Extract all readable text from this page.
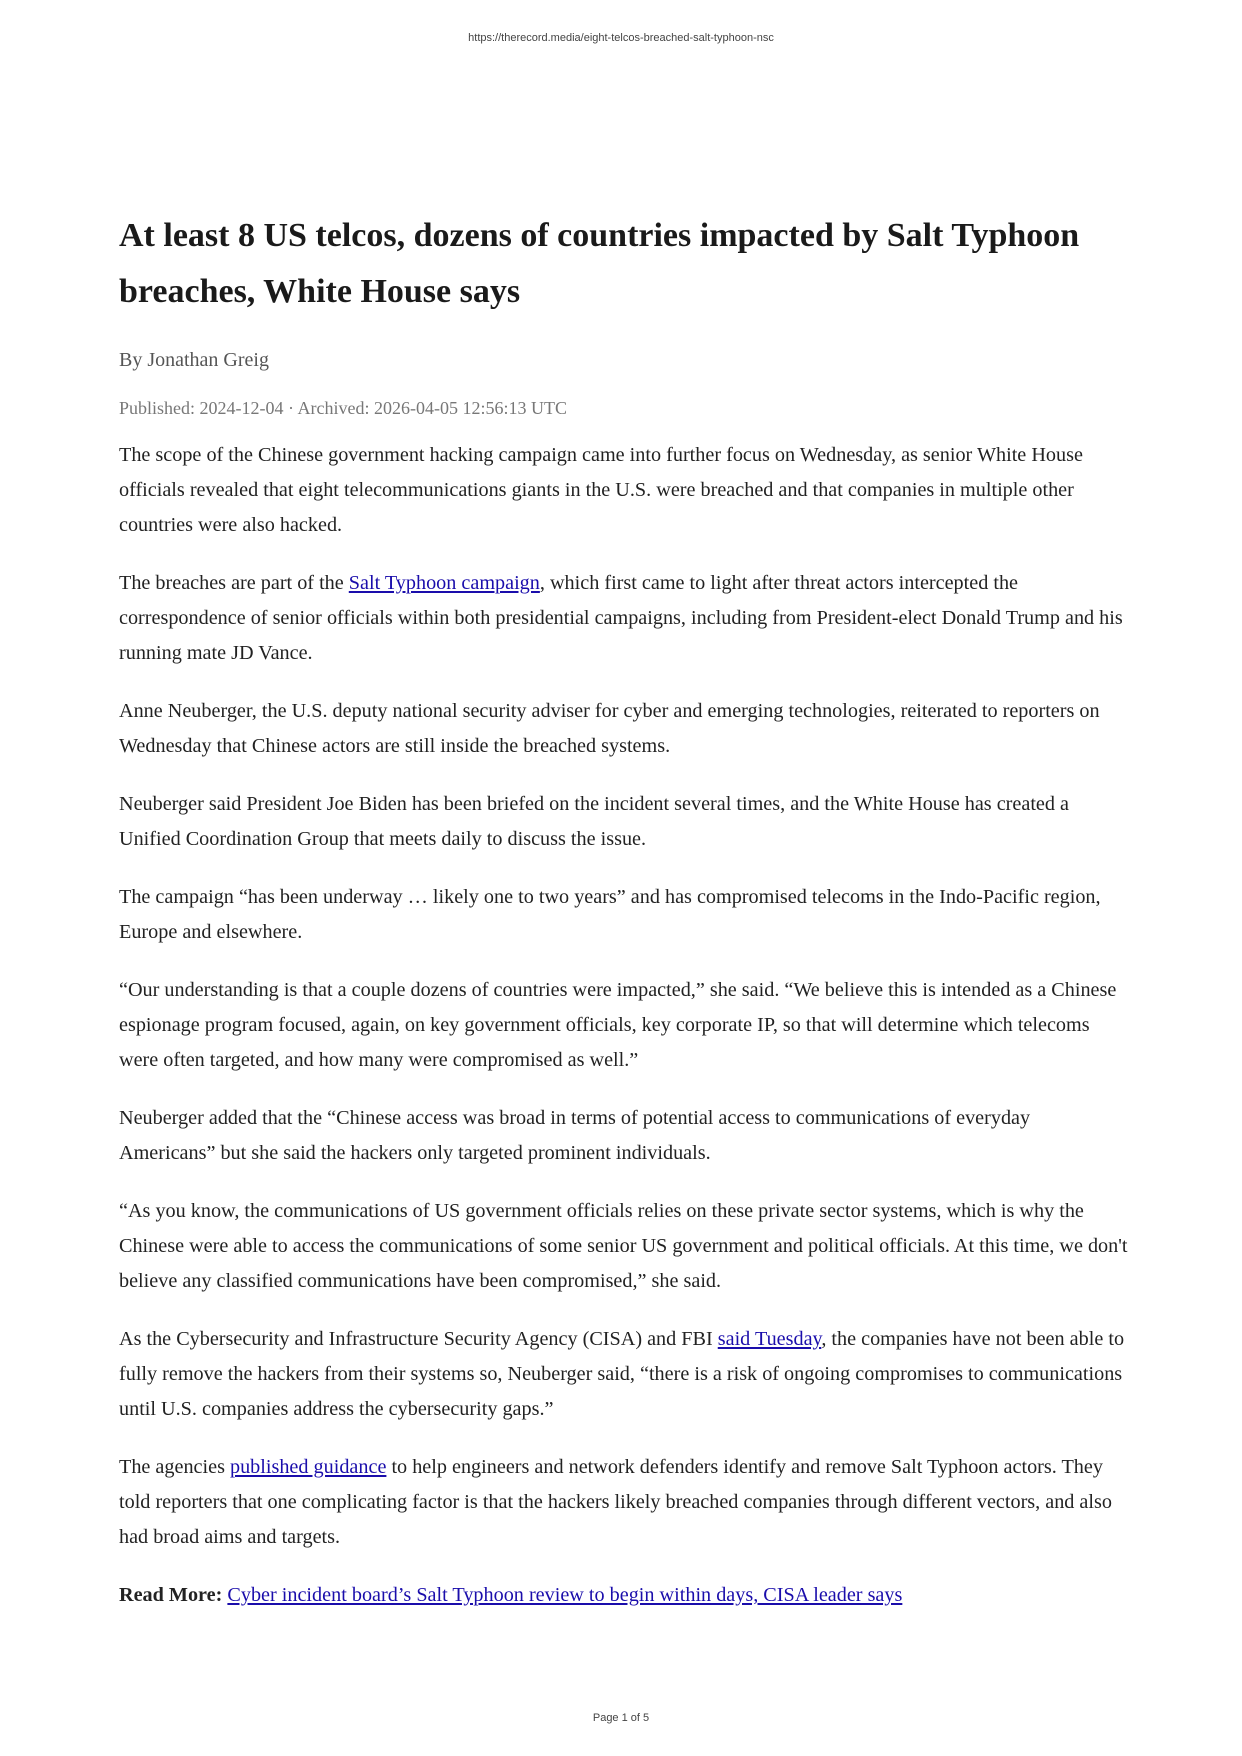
https://therecord.media/eight-telcos-breached-salt-typhoon-nsc
At least 8 US telcos, dozens of countries impacted by Salt Typhoon breaches, White House says
By Jonathan Greig
Published: 2024-12-04 · Archived: 2026-04-05 12:56:13 UTC

The scope of the Chinese government hacking campaign came into further focus on Wednesday, as senior White House officials revealed that eight telecommunications giants in the U.S. were breached and that companies in multiple other countries were also hacked.

The breaches are part of the Salt Typhoon campaign, which first came to light after threat actors intercepted the correspondence of senior officials within both presidential campaigns, including from President-elect Donald Trump and his running mate JD Vance.

Anne Neuberger, the U.S. deputy national security adviser for cyber and emerging technologies, reiterated to reporters on Wednesday that Chinese actors are still inside the breached systems.

Neuberger said President Joe Biden has been briefed on the incident several times, and the White House has created a Unified Coordination Group that meets daily to discuss the issue.

The campaign “has been underway … likely one to two years” and has compromised telecoms in the Indo-Pacific region, Europe and elsewhere.

“Our understanding is that a couple dozens of countries were impacted,” she said. “We believe this is intended as a Chinese espionage program focused, again, on key government officials, key corporate IP, so that will determine which telecoms were often targeted, and how many were compromised as well.”

Neuberger added that the “Chinese access was broad in terms of potential access to communications of everyday Americans” but she said the hackers only targeted prominent individuals.

“As you know, the communications of US government officials relies on these private sector systems, which is why the Chinese were able to access the communications of some senior US government and political officials. At this time, we don't believe any classified communications have been compromised,” she said.

As the Cybersecurity and Infrastructure Security Agency (CISA) and FBI said Tuesday, the companies have not been able to fully remove the hackers from their systems so, Neuberger said, “there is a risk of ongoing compromises to communications until U.S. companies address the cybersecurity gaps.”

The agencies published guidance to help engineers and network defenders identify and remove Salt Typhoon actors. They told reporters that one complicating factor is that the hackers likely breached companies through different vectors, and also had broad aims and targets.

Read More: Cyber incident board’s Salt Typhoon review to begin within days, CISA leader says

Page 1 of 5
